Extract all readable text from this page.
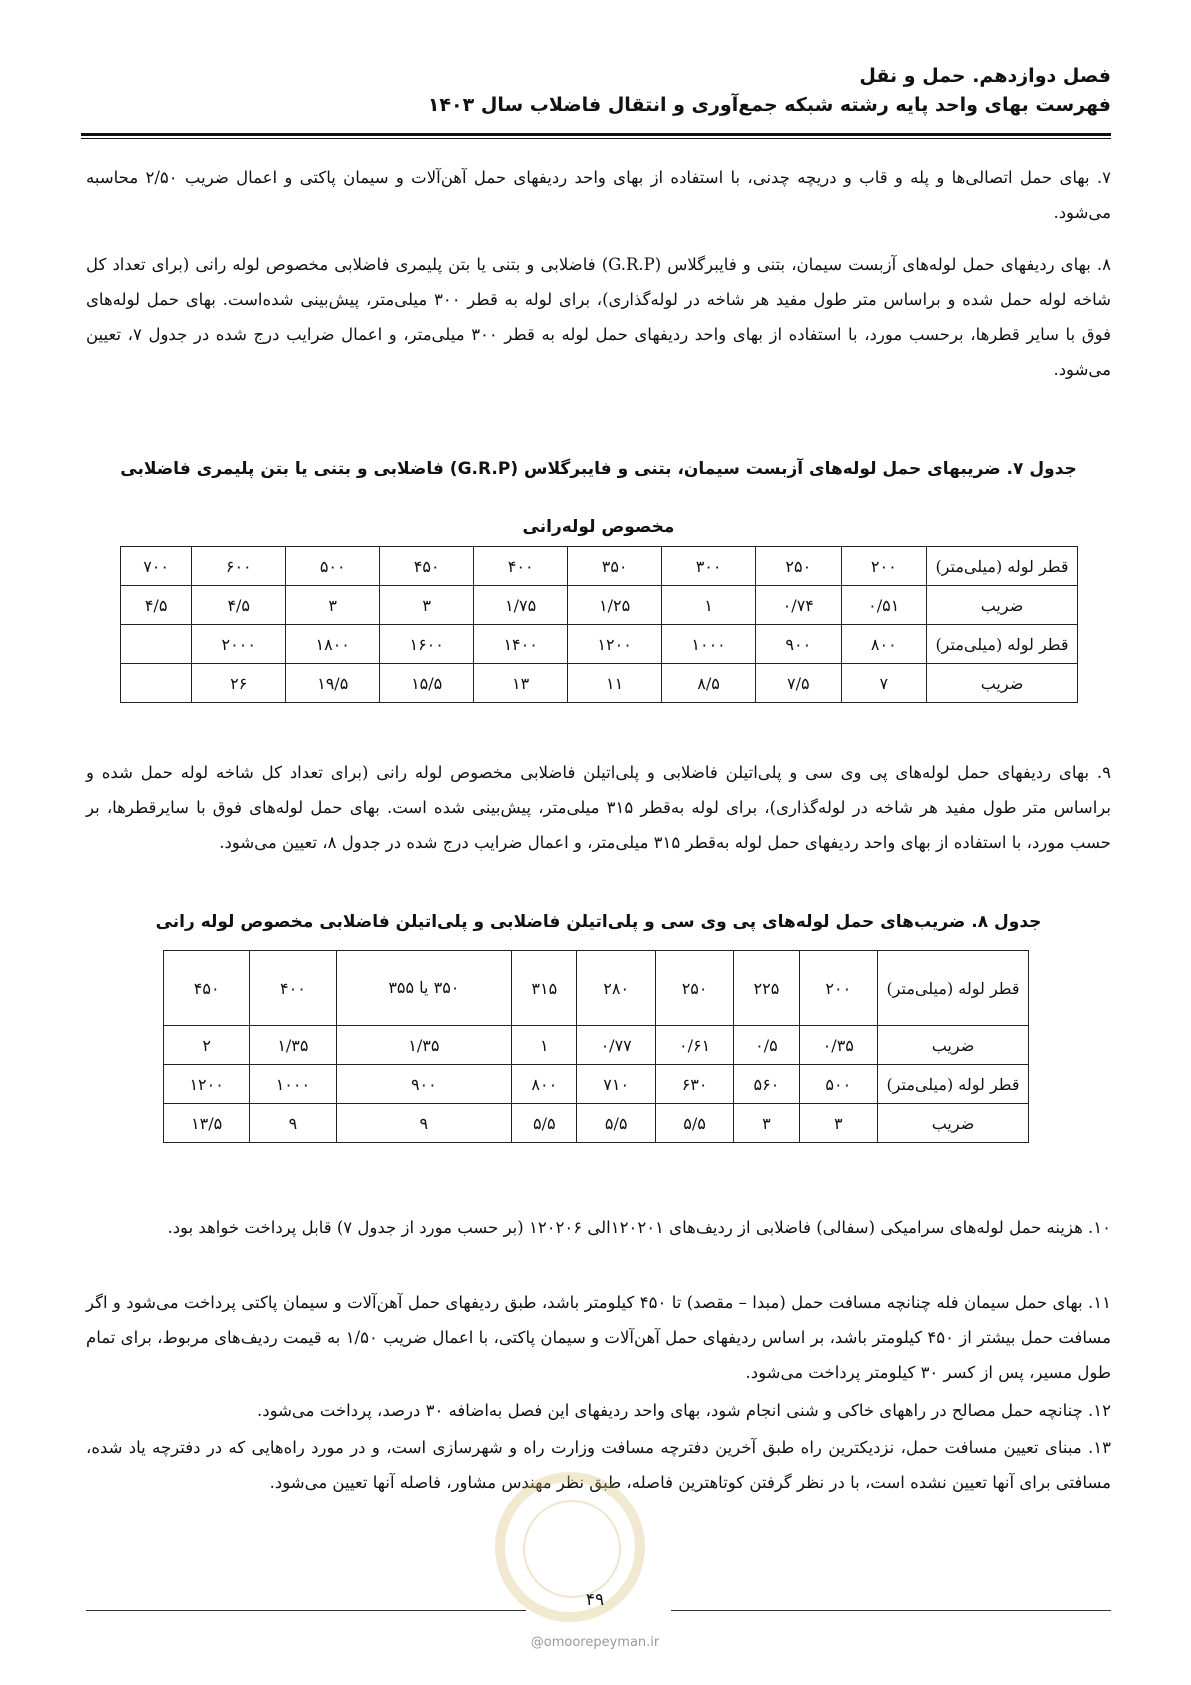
فصل دوازدهم. حمل و نقل
فهرست بهای واحد پایه رشته شبکه جمع‌آوری و انتقال فاضلاب سال ۱۴۰۳
۷. بهای حمل اتصالی‌ها و پله و قاب و دریچه چدنی، با استفاده از بهای واحد ردیفهای حمل آهن‌آلات و سیمان پاکتی و اعمال ضریب ۲/۵۰ محاسبه می‌شود.
۸. بهای ردیفهای حمل لوله‌های آزبست سیمان، بتنی و فایبرگلاس (G.R.P) فاضلابی و بتنی یا بتن پلیمری فاضلابی مخصوص لوله رانی (برای تعداد کل شاخه لوله حمل شده و براساس متر طول مفید هر شاخه در لوله‌گذاری)، برای لوله به قطر ۳۰۰ میلی‌متر، پیش‌بینی شده‌است. بهای حمل لوله‌های فوق با سایر قطرها، برحسب مورد، با استفاده از بهای واحد ردیفهای حمل لوله به قطر ۳۰۰ میلی‌متر، و اعمال ضرایب درج شده در جدول ۷، تعیین می‌شود.
جدول ۷. ضریبهای حمل لوله‌های آزبست سیمان، بتنی و فایبرگلاس (G.R.P) فاضلابی و بتنی یا بتن پلیمری فاضلابی مخصوص لوله‌رانی
قطر لوله (میلی‌متر)	۲۰۰	۲۵۰	۳۰۰	۳۵۰	۴۰۰	۴۵۰	۵۰۰	۶۰۰	۷۰۰
ضریب	۰/۵۱	۰/۷۴	۱	۱/۲۵	۱/۷۵	۳	۳	۴/۵	۴/۵
قطر لوله (میلی‌متر)	۸۰۰	۹۰۰	۱۰۰۰	۱۲۰۰	۱۴۰۰	۱۶۰۰	۱۸۰۰	۲۰۰۰	
ضریب	۷	۷/۵	۸/۵	۱۱	۱۳	۱۵/۵	۱۹/۵	۲۶	
۹. بهای ردیفهای حمل لوله‌های پی وی سی و پلی‌اتیلن فاضلابی و پلی‌اتیلن فاضلابی مخصوص لوله رانی (برای تعداد کل شاخه لوله حمل شده و براساس متر طول مفید هر شاخه در لوله‌گذاری)، برای لوله به‌قطر ۳۱۵ میلی‌متر، پیش‌بینی شده است. بهای حمل لوله‌های فوق با سایرقطرها، بر حسب مورد، با استفاده از بهای واحد ردیفهای حمل لوله به‌قطر ۳۱۵ میلی‌متر، و اعمال ضرایب درج شده در جدول ۸، تعیین می‌شود.
جدول ۸. ضریب‌های حمل لوله‌های پی وی سی و پلی‌اتیلن فاضلابی و پلی‌اتیلن فاضلابی مخصوص لوله رانی
قطر لوله (میلی‌متر)	۲۰۰	۲۲۵	۲۵۰	۲۸۰	۳۱۵	۳۵۰ یا ۳۵۵	۴۰۰	۴۵۰
ضریب	۰/۳۵	۰/۵	۰/۶۱	۰/۷۷	۱	۱/۳۵	۱/۳۵	۲
قطر لوله (میلی‌متر)	۵۰۰	۵۶۰	۶۳۰	۷۱۰	۸۰۰	۹۰۰	۱۰۰۰	۱۲۰۰
ضریب	۳	۳	۵/۵	۵/۵	۵/۵	۹	۹	۱۳/۵
۱۰. هزینه حمل لوله‌های سرامیکی (سفالی) فاضلابی از ردیف‌های ۱۲۰۲۰۱الی ۱۲۰۲۰۶ (بر حسب مورد از جدول ۷) قابل پرداخت خواهد بود.
۱۱. بهای حمل سیمان فله چنانچه مسافت حمل (مبدا – مقصد) تا ۴۵۰ کیلومتر باشد، طبق ردیفهای حمل آهن‌آلات و سیمان پاکتی پرداخت می‌شود و اگر مسافت حمل بیشتر از ۴۵۰ کیلومتر باشد، بر اساس ردیفهای حمل آهن‌آلات و سیمان پاکتی، با اعمال ضریب ۱/۵۰ به قیمت ردیف‌های مربوط، برای تمام طول مسیر، پس از کسر ۳۰ کیلومتر پرداخت می‌شود.
۱۲. چنانچه حمل مصالح در راههای خاکی و شنی انجام شود، بهای واحد ردیفهای این فصل به‌اضافه ۳۰ درصد، پرداخت می‌شود.
۱۳. مبنای تعیین مسافت حمل، نزدیکترین راه طبق آخرین دفترچه مسافت وزارت راه و شهرسازی است، و در مورد راه‌هایی که در دفترچه یاد شده، مسافتی برای آنها تعیین نشده است، با در نظر گرفتن کوتاهترین فاصله، طبق نظر مهندس مشاور، فاصله آنها تعیین می‌شود.
۴۹
@omoorepeyman.ir
